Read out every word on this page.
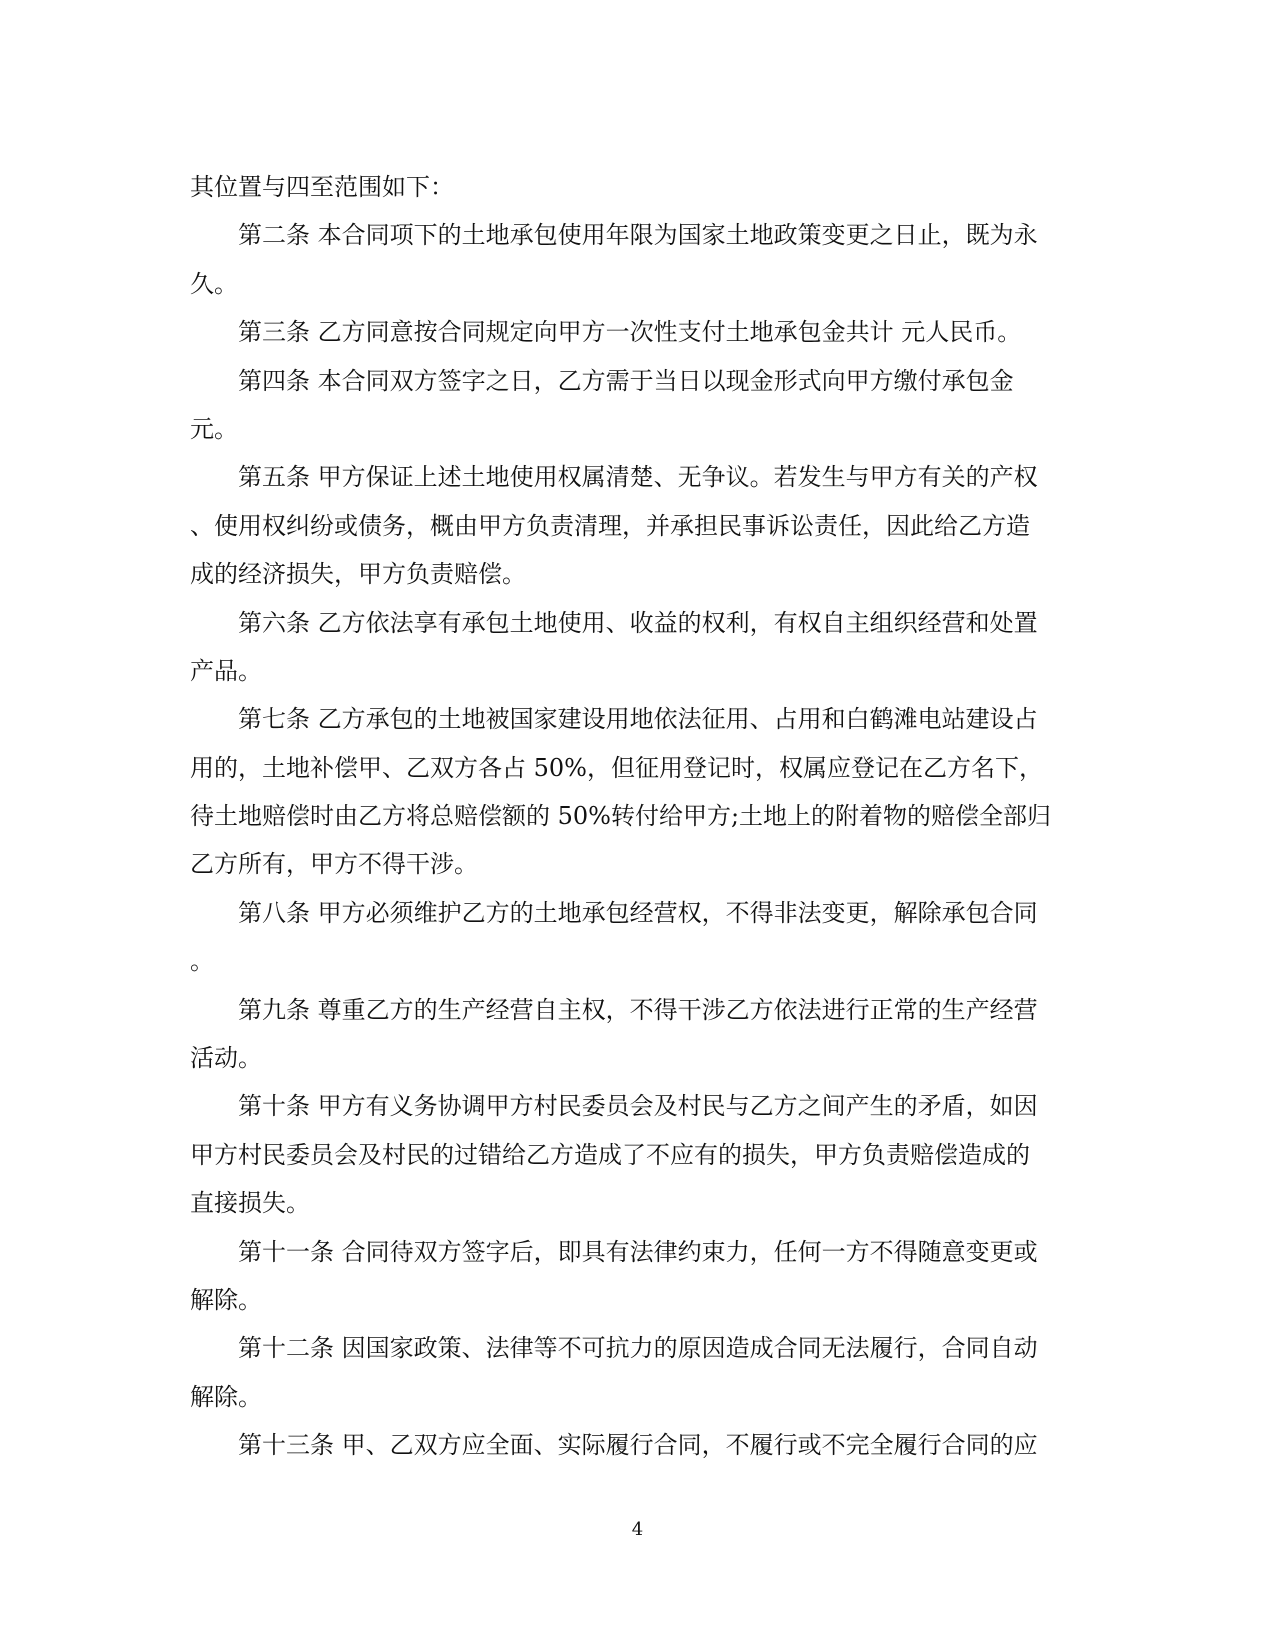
其位置与四至范围如下：
第二条 本合同项下的土地承包使用年限为国家土地政策变更之日止，既为永
久。
第三条 乙方同意按合同规定向甲方一次性支付土地承包金共计 元人民币。
第四条 本合同双方签字之日，乙方需于当日以现金形式向甲方缴付承包金
元。
第五条 甲方保证上述土地使用权属清楚、无争议。若发生与甲方有关的产权
、使用权纠纷或债务，概由甲方负责清理，并承担民事诉讼责任，因此给乙方造
成的经济损失，甲方负责赔偿。
第六条 乙方依法享有承包土地使用、收益的权利，有权自主组织经营和处置
产品。
第七条 乙方承包的土地被国家建设用地依法征用、占用和白鹤滩电站建设占
用的，土地补偿甲、乙双方各占 50%，但征用登记时，权属应登记在乙方名下，
待土地赔偿时由乙方将总赔偿额的 50%转付给甲方;土地上的附着物的赔偿全部归
乙方所有，甲方不得干涉。
第八条 甲方必须维护乙方的土地承包经营权，不得非法变更，解除承包合同
。
第九条 尊重乙方的生产经营自主权，不得干涉乙方依法进行正常的生产经营
活动。
第十条 甲方有义务协调甲方村民委员会及村民与乙方之间产生的矛盾，如因
甲方村民委员会及村民的过错给乙方造成了不应有的损失，甲方负责赔偿造成的
直接损失。
第十一条 合同待双方签字后，即具有法律约束力，任何一方不得随意变更或
解除。
第十二条 因国家政策、法律等不可抗力的原因造成合同无法履行，合同自动
解除。
第十三条 甲、乙双方应全面、实际履行合同，不履行或不完全履行合同的应
4
